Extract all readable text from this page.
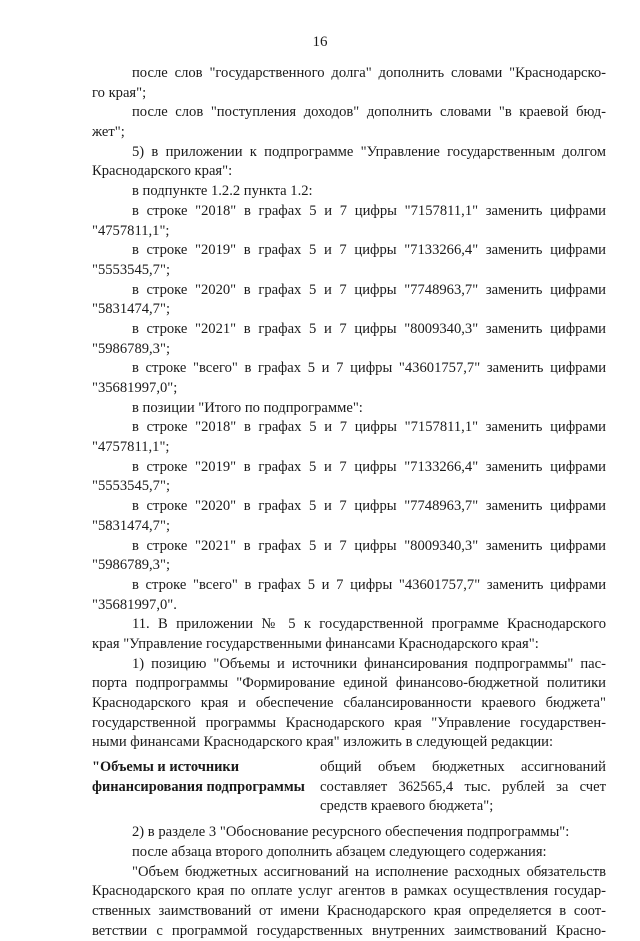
16
после слов "государственного долга" дополнить словами "Краснодарско-
го края";
после слов "поступления доходов" дополнить словами "в краевой бюд-
жет";
5) в приложении к подпрограмме "Управление государственным долгом
Краснодарского края":
в подпункте 1.2.2 пункта 1.2:
в строке "2018" в графах 5 и 7 цифры "7157811,1" заменить цифрами
"4757811,1";
в строке "2019" в графах 5 и 7 цифры "7133266,4" заменить цифрами
"5553545,7";
в строке "2020" в графах 5 и 7 цифры "7748963,7" заменить цифрами
"5831474,7";
в строке "2021" в графах 5 и 7 цифры "8009340,3" заменить цифрами
"5986789,3";
в строке "всего" в графах 5 и 7 цифры "43601757,7" заменить цифрами
"35681997,0";
в позиции "Итого по подпрограмме":
в строке "2018" в графах 5 и 7 цифры "7157811,1" заменить цифрами
"4757811,1";
в строке "2019" в графах 5 и 7 цифры "7133266,4" заменить цифрами
"5553545,7";
в строке "2020" в графах 5 и 7 цифры "7748963,7" заменить цифрами
"5831474,7";
в строке "2021" в графах 5 и 7 цифры "8009340,3" заменить цифрами
"5986789,3";
в строке "всего" в графах 5 и 7 цифры "43601757,7" заменить цифрами
"35681997,0".
11. В приложении № 5 к государственной программе Краснодарского
края "Управление государственными финансами Краснодарского края":
1) позицию "Объемы и источники финансирования подпрограммы" пас-
порта подпрограммы "Формирование единой финансово-бюджетной политики
Краснодарского края и обеспечение сбалансированности краевого бюджета"
государственной программы Краснодарского края "Управление государствен-
ными финансами Краснодарского края" изложить в следующей редакции:
"Объемы и источники
финансирования подпрограммы
общий объем бюджетных ассигнований
составляет 362565,4 тыс. рублей за счет
средств краевого бюджета";
2) в разделе 3 "Обоснование ресурсного обеспечения подпрограммы":
после абзаца второго дополнить абзацем следующего содержания:
"Объем бюджетных ассигнований на исполнение расходных обязательств
Краснодарского края по оплате услуг агентов в рамках осуществления государ-
ственных заимствований от имени Краснодарского края определяется в соот-
ветствии с программой государственных внутренних заимствований Красно-
